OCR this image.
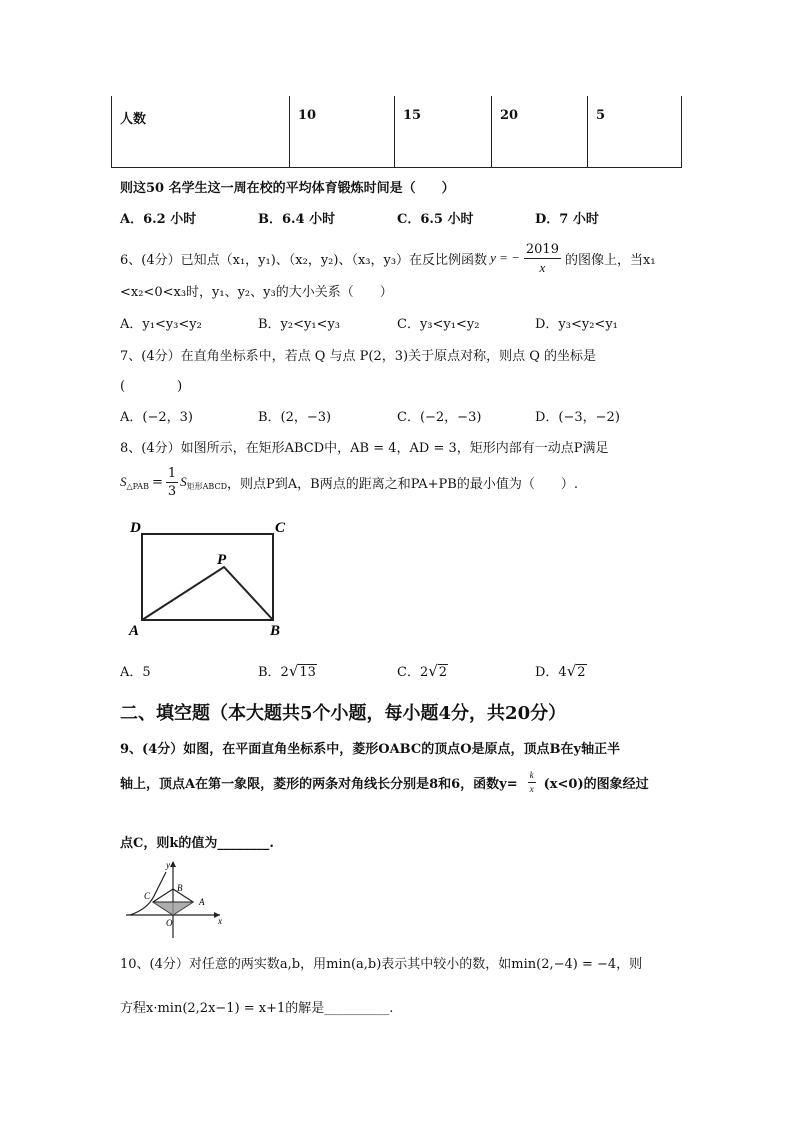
人数	10	15	20	5
则这50 名学生这一周在校的平均体育锻炼时间是（　　）
A．6.2 小时	B．6.4 小时	C．6.5 小时	D．7 小时
6、(4分）已知点（x₁，y₁)、（x₂，y₂)、（x₃，y₃）在反比例函数 y = − $\frac{2019}{x}$ 的图像上，当x₁
<x₂<0<x₃时，y₁、y₂、y₃的大小关系（　　）
A．y₁<y₃<y₂	B．y₂<y₁<y₃	C．y₃<y₁<y₂	D．y₃<y₂<y₁
7、(4分）在直角坐标系中，若点 Q 与点 P(2，3)关于原点对称，则点 Q 的坐标是
(　　　　)
A．(−2，3)	B．(2，−3)	C．(−2，−3)	D．(−3，−2)
8、(4分）如图所示，在矩形ABCD中，AB = 4，AD = 3，矩形内部有一动点P满足
S △PAB = $\frac{1}{3}$ S 矩形ABCD ，则点P到A，B两点的距离之和PA+PB的最小值为（　　）.
D	C
P
A	B
A．5	B．2√13	C．2√2	D．4√2
二、填空题（本大题共5个小题，每小题4分，共20分）
9、(4分）如图，在平面直角坐标系中，菱形OABC的顶点O是原点，顶点B在y轴正半
轴上，顶点A在第一象限，菱形的两条对角线长分别是8和6，函数$y= \frac{k}{x} (x<0)$的图象经过
点C，则k的值为________.
y
B
C
A
O	x
10、(4分）对任意的两实数a,b，用min(a,b)表示其中较小的数，如min(2,−4) = −4，则
方程x·min(2,2x−1) = x+1的解是__________.
